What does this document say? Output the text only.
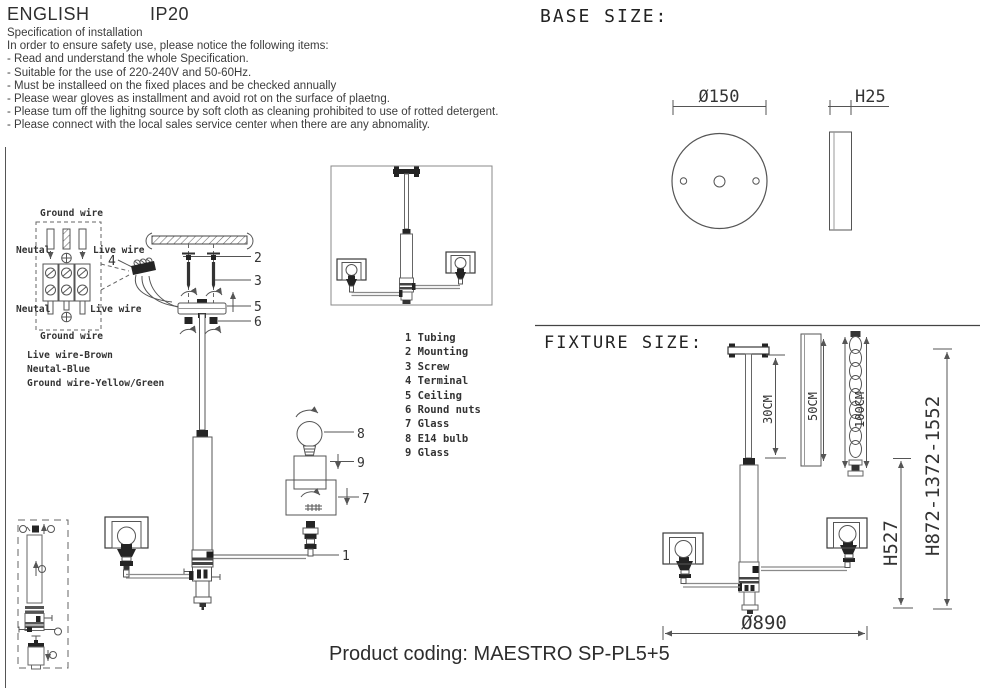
ENGLISH	IP20
Specification of installation
In order to ensure safety use, please notice the following items:
- Read and understand the whole Specification.
- Suitable for the use of 220-240V and 50-60Hz.
- Must be installeed on the fixed places and be checked annually
- Please wear gloves as installment and avoid rot on the surface of plaetng.
- Please tum off the lighitng source by soft cloth as cleaning prohibited to use of rotted detergent.
- Please connect with the local sales service center when there are any abnomality.
BASE SIZE:
FIXTURE SIZE:
1 Tubing
2 Mounting
3 Screw
4 Terminal
5 Ceiling
6 Round nuts
7 Glass
8 E14 bulb
9 Glass
Product coding: MAESTRO SP-PL5+5
Ground wire
Neutal	Live wire
Neutal	Live wire
Ground wire
Live wire-Brown
Neutal-Blue
Ground wire-Yellow/Green
4	2
3
5
6
1
8
9
7
Ø150	H25
30CM	50CM	100CM
H527 H872-1372-1552
Ø890
